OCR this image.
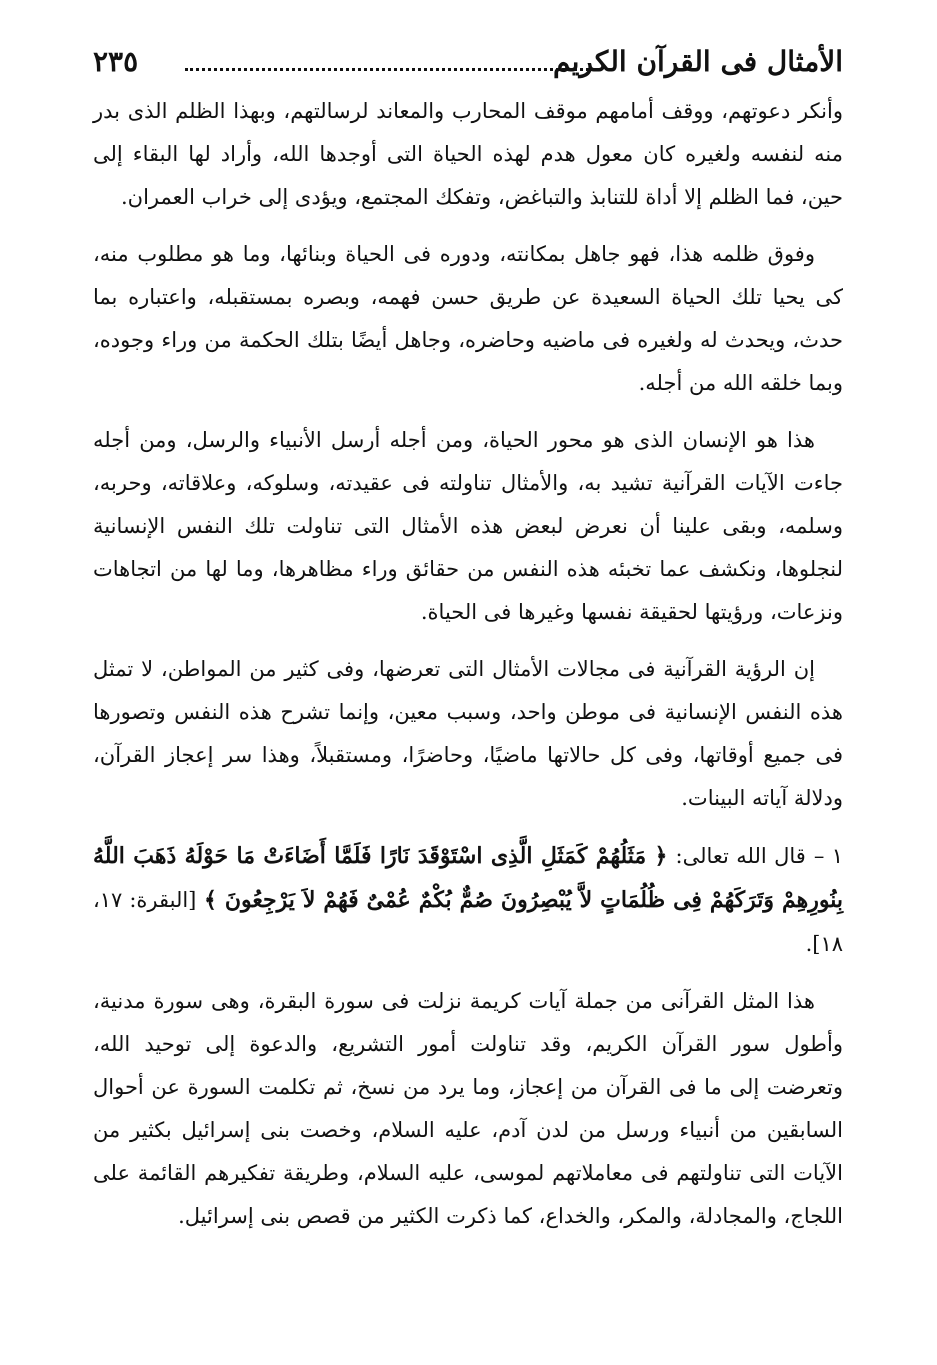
الأمثال فى القرآن الكريم
٢٣٥

وأنكر دعوتهم، ووقف أمامهم موقف المحارب والمعاند لرسالتهم، وبهذا الظلم الذى بدر منه لنفسه ولغيره كان معول هدم لهذه الحياة التى أوجدها الله، وأراد لها البقاء إلى حين، فما الظلم إلا أداة للتنابذ والتباغض، وتفكك المجتمع، ويؤدى إلى خراب العمران.

وفوق ظلمه هذا، فهو جاهل بمكانته، ودوره فى الحياة وبنائها، وما هو مطلوب منه، كى يحيا تلك الحياة السعيدة عن طريق حسن فهمه، وبصره بمستقبله، واعتباره بما حدث، ويحدث له ولغيره فى ماضيه وحاضره، وجاهل أيضًا بتلك الحكمة من وراء وجوده، وبما خلقه الله من أجله.

هذا هو الإنسان الذى هو محور الحياة، ومن أجله أرسل الأنبياء والرسل، ومن أجله جاءت الآيات القرآنية تشيد به، والأمثال تناولته فى عقيدته، وسلوكه، وعلاقاته، وحربه، وسلمه، وبقى علينا أن نعرض لبعض هذه الأمثال التى تناولت تلك النفس الإنسانية لنجلوها، ونكشف عما تخبئه هذه النفس من حقائق وراء مظاهرها، وما لها من اتجاهات ونزعات، ورؤيتها لحقيقة نفسها وغيرها فى الحياة.

إن الرؤية القرآنية فى مجالات الأمثال التى تعرضها، وفى كثير من المواطن، لا تمثل هذه النفس الإنسانية فى موطن واحد، وسبب معين، وإنما تشرح هذه النفس وتصورها فى جميع أوقاتها، وفى كل حالاتها ماضيًا، وحاضرًا، ومستقبلاً، وهذا سر إعجاز القرآن، ودلالة آياته البينات.

١ – قال الله تعالى: ﴿ مَثَلُهُمْ كَمَثَلِ الَّذِى اسْتَوْقَدَ نَارًا فَلَمَّا أَضَاءَتْ مَا حَوْلَهُ ذَهَبَ اللَّهُ بِنُورِهِمْ وَتَرَكَهُمْ فِى ظُلُمَاتٍ لاَّ يُبْصِرُونَ صُمٌّ بُكْمٌ عُمْىٌ فَهُمْ لاَ يَرْجِعُونَ ﴾ [البقرة: ١٧، ١٨].

هذا المثل القرآنى من جملة آيات كريمة نزلت فى سورة البقرة، وهى سورة مدنية، وأطول سور القرآن الكريم، وقد تناولت أمور التشريع، والدعوة إلى توحيد الله، وتعرضت إلى ما فى القرآن من إعجاز، وما يرد من نسخ، ثم تكلمت السورة عن أحوال السابقين من أنبياء ورسل من لدن آدم، عليه السلام، وخصت بنى إسرائيل بكثير من الآيات التى تناولتهم فى معاملاتهم لموسى، عليه السلام، وطريقة تفكيرهم القائمة على اللجاج، والمجادلة، والمكر، والخداع، كما ذكرت الكثير من قصص بنى إسرائيل.
